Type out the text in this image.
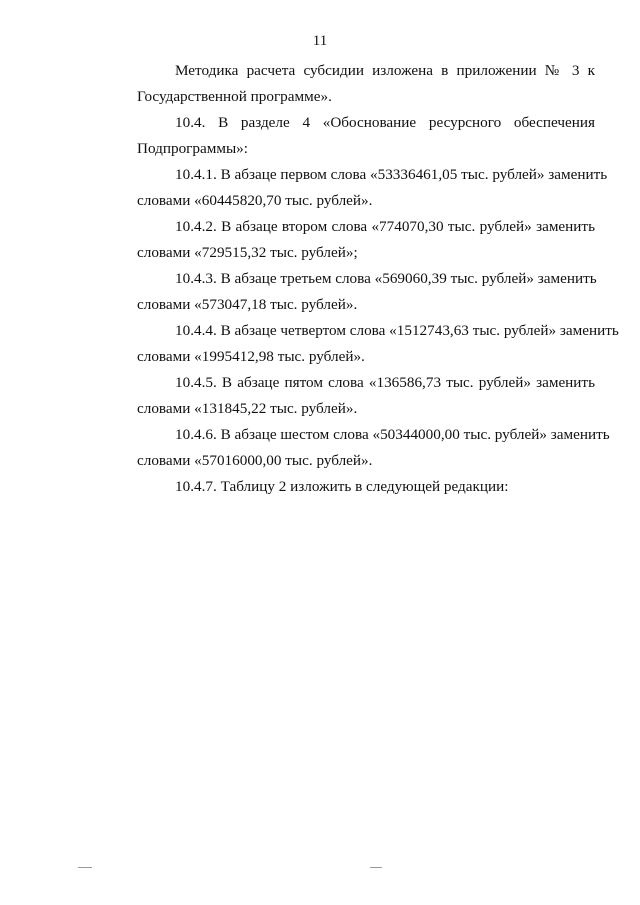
11
Методика расчета субсидии изложена в приложении № 3 к
Государственной программе».
10.4. В разделе 4 «Обоснование ресурсного обеспечения
Подпрограммы»:
10.4.1. В абзаце первом слова «53336461,05 тыс. рублей» заменить
словами «60445820,70 тыс. рублей».
10.4.2. В абзаце втором слова «774070,30 тыс. рублей» заменить
словами «729515,32 тыс. рублей»;
10.4.3. В абзаце третьем слова «569060,39 тыс. рублей» заменить
словами «573047,18 тыс. рублей».
10.4.4. В абзаце четвертом слова «1512743,63 тыс. рублей» заменить
словами «1995412,98 тыс. рублей».
10.4.5. В абзаце пятом слова «136586,73 тыс. рублей» заменить
словами «131845,22 тыс. рублей».
10.4.6. В абзаце шестом слова «50344000,00 тыс. рублей» заменить
словами «57016000,00 тыс. рублей».
10.4.7. Таблицу 2 изложить в следующей редакции:
